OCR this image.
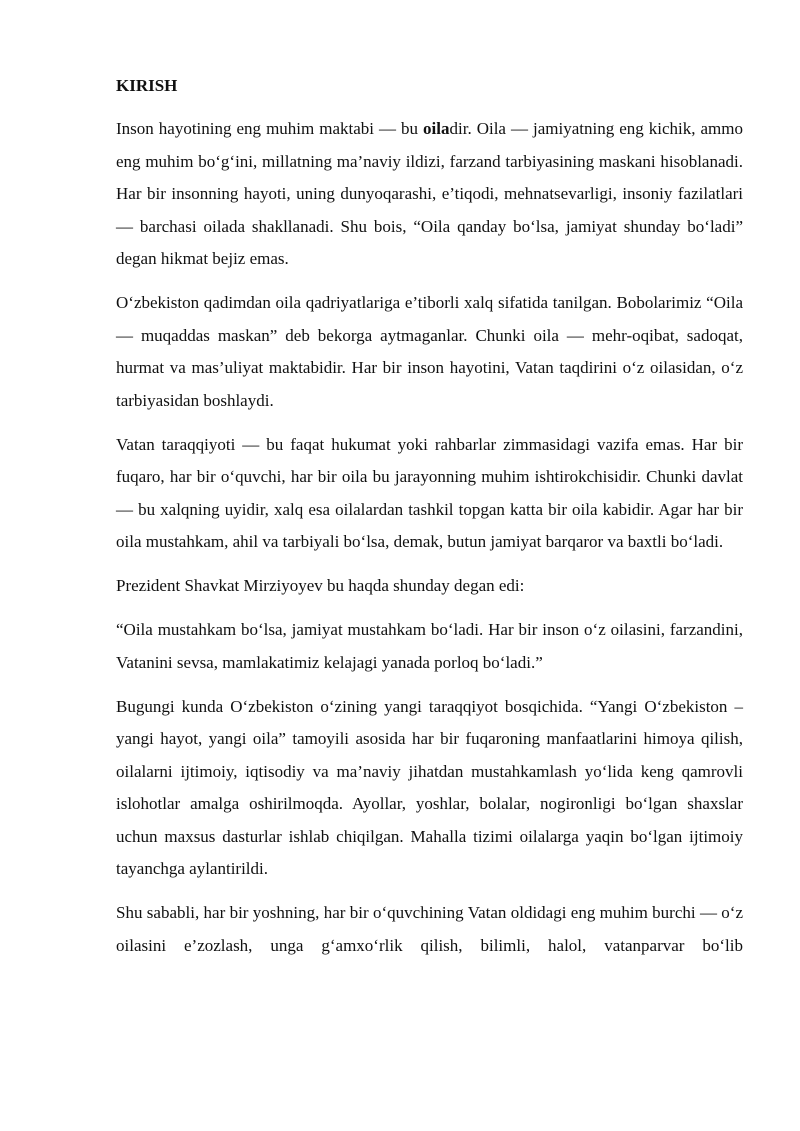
KIRISH

Inson hayotining eng muhim maktabi — bu oiladir. Oila — jamiyatning eng kichik, ammo eng muhim bo‘g‘ini, millatning ma’naviy ildizi, farzand tarbiyasining maskani hisoblanadi. Har bir insonning hayoti, uning dunyoqarashi, e’tiqodi, mehnatsevarligi, insoniy fazilatlari — barchasi oilada shakllanadi. Shu bois, “Oila qanday bo‘lsa, jamiyat shunday bo‘ladi” degan hikmat bejiz emas.

O‘zbekiston qadimdan oila qadriyatlariga e’tiborli xalq sifatida tanilgan. Bobolarimiz “Oila — muqaddas maskan” deb bekorga aytmaganlar. Chunki oila — mehr-oqibat, sadoqat, hurmat va mas’uliyat maktabidir. Har bir inson hayotini, Vatan taqdirini o‘z oilasidan, o‘z tarbiyasidan boshlaydi.

Vatan taraqqiyoti — bu faqat hukumat yoki rahbarlar zimmasidagi vazifa emas. Har bir fuqaro, har bir o‘quvchi, har bir oila bu jarayonning muhim ishtirokchisidir. Chunki davlat — bu xalqning uyidir, xalq esa oilalardan tashkil topgan katta bir oila kabidir. Agar har bir oila mustahkam, ahil va tarbiyali bo‘lsa, demak, butun jamiyat barqaror va baxtli bo‘ladi.

Prezident Shavkat Mirziyoyev bu haqda shunday degan edi:

“Oila mustahkam bo‘lsa, jamiyat mustahkam bo‘ladi. Har bir inson o‘z oilasini, farzandini, Vatanini sevsa, mamlakatimiz kelajagi yanada porloq bo‘ladi.”

Bugungi kunda O‘zbekiston o‘zining yangi taraqqiyot bosqichida. “Yangi O‘zbekiston – yangi hayot, yangi oila” tamoyili asosida har bir fuqaroning manfaatlarini himoya qilish, oilalarni ijtimoiy, iqtisodiy va ma’naviy jihatdan mustahkamlash yo‘lida keng qamrovli islohotlar amalga oshirilmoqda. Ayollar, yoshlar, bolalar, nogironligi bo‘lgan shaxslar uchun maxsus dasturlar ishlab chiqilgan. Mahalla tizimi oilalarga yaqin bo‘lgan ijtimoiy tayanchga aylantirildi.

Shu sababli, har bir yoshning, har bir o‘quvchining Vatan oldidagi eng muhim burchi — o‘z oilasini e’zozlash, unga g‘amxo‘rlik qilish, bilimli, halol, vatanparvar bo‘lib
